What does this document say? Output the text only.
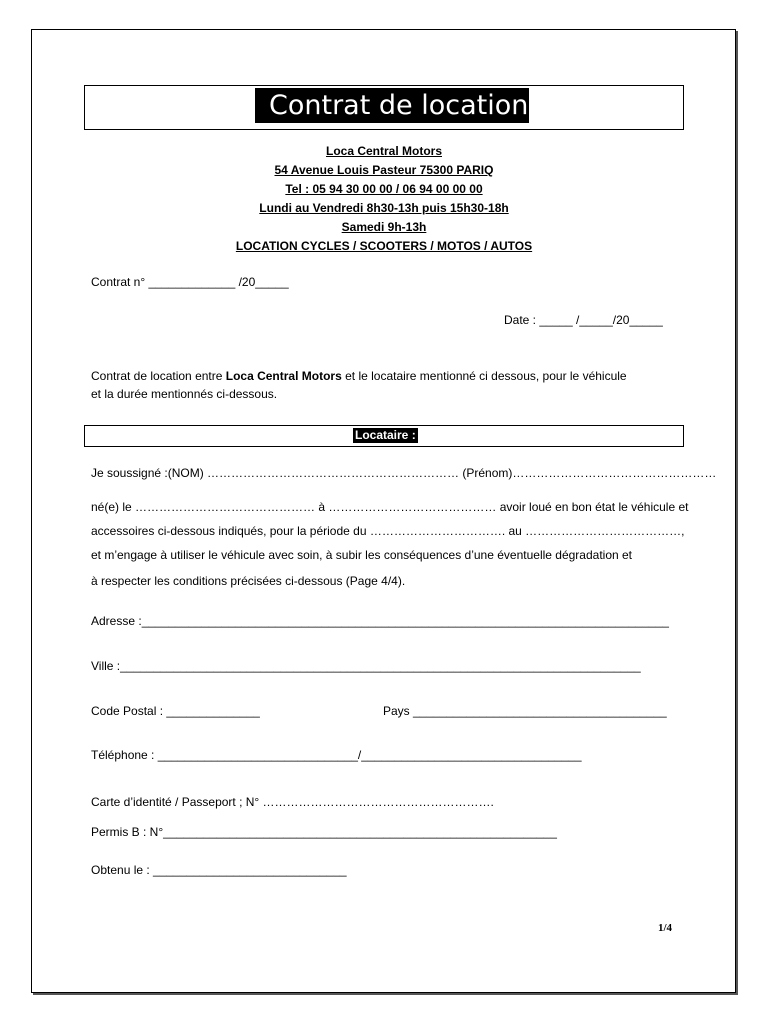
Contrat de location
Loca Central Motors
54 Avenue Louis Pasteur 75300 PARIQ
Tel : 05 94 30 00 00 / 06 94 00 00 00
Lundi au Vendredi 8h30-13h puis 15h30-18h
Samedi 9h-13h
LOCATION CYCLES / SCOOTERS / MOTOS / AUTOS
Contrat n° _____________ /20_____
Date : _____ /_____/20_____
Contrat de location entre Loca Central Motors et le locataire mentionné ci dessous, pour le véhicule
et la durée mentionnés ci-dessous.
Locataire :
Je soussigné :(NOM) ……………………………………………………… (Prénom)……………………………………………
né(e) le ……………………………………… à …………………………………… avoir loué en bon état le véhicule et
accessoires ci-dessous indiqués, pour la période du ……………………………. au …………………………………,
et m’engage à utiliser le véhicule avec soin, à subir les conséquences d’une éventuelle dégradation et
à respecter les conditions précisées ci-dessous (Page 4/4).
Adresse :_______________________________________________________________________________
Ville :______________________________________________________________________________
Code Postal : ______________	Pays ______________________________________
Téléphone : ______________________________/_________________________________
Carte d’identité / Passeport ; N° ………………………………………………….
Permis B : N°___________________________________________________________
Obtenu le : _____________________________
1/4
